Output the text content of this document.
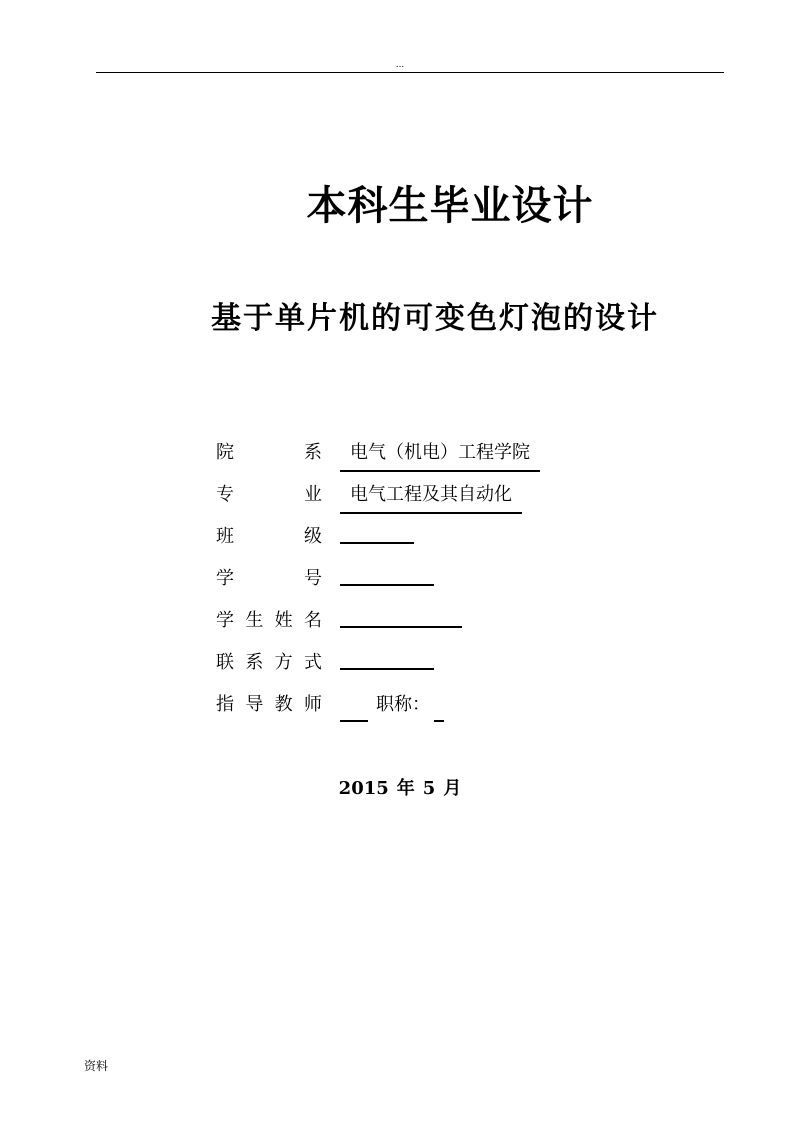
...
本科生毕业设计
基于单片机的可变色灯泡的设计
院	系	电气（机电）工程学院
专	业	电气工程及其自动化
班	级
学	号
学 生 姓 名
联 系 方 式
指 导 教 师	职称：
2015 年 5 月
资料
